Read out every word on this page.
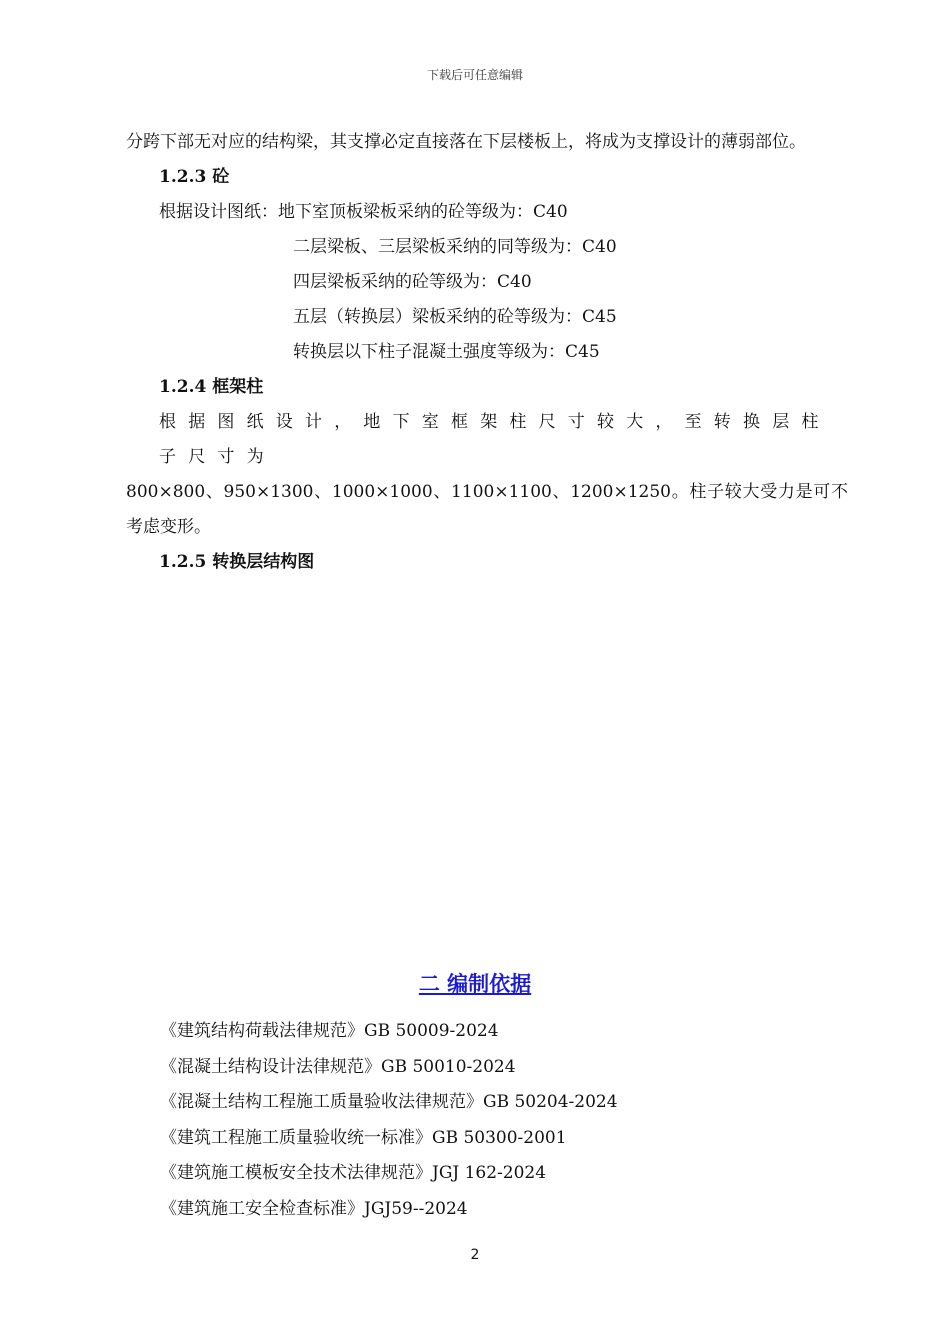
下载后可任意编辑

分跨下部无对应的结构梁，其支撑必定直接落在下层楼板上，将成为支撑设计的薄弱部位。

1.2.3 砼

根据设计图纸：地下室顶板梁板采纳的砼等级为：C40

二层梁板、三层梁板采纳的同等级为：C40

四层梁板采纳的砼等级为：C40

五层（转换层）梁板采纳的砼等级为：C45

转换层以下柱子混凝土强度等级为：C45

1.2.4 框架柱

根据图纸设计，地下室框架柱尺寸较大，至转换层柱子尺寸为

800×800、950×1300、1000×1000、1100×1100、1200×1250。柱子较大受力是可不考虑变形。

1.2.5 转换层结构图

二 编制依据

《建筑结构荷载法律规范》GB 50009-2024

《混凝土结构设计法律规范》GB 50010-2024

《混凝土结构工程施工质量验收法律规范》GB 50204-2024

《建筑工程施工质量验收统一标准》GB 50300-2001

《建筑施工模板安全技术法律规范》JGJ 162-2024

《建筑施工安全检查标准》JGJ59--2024

2
